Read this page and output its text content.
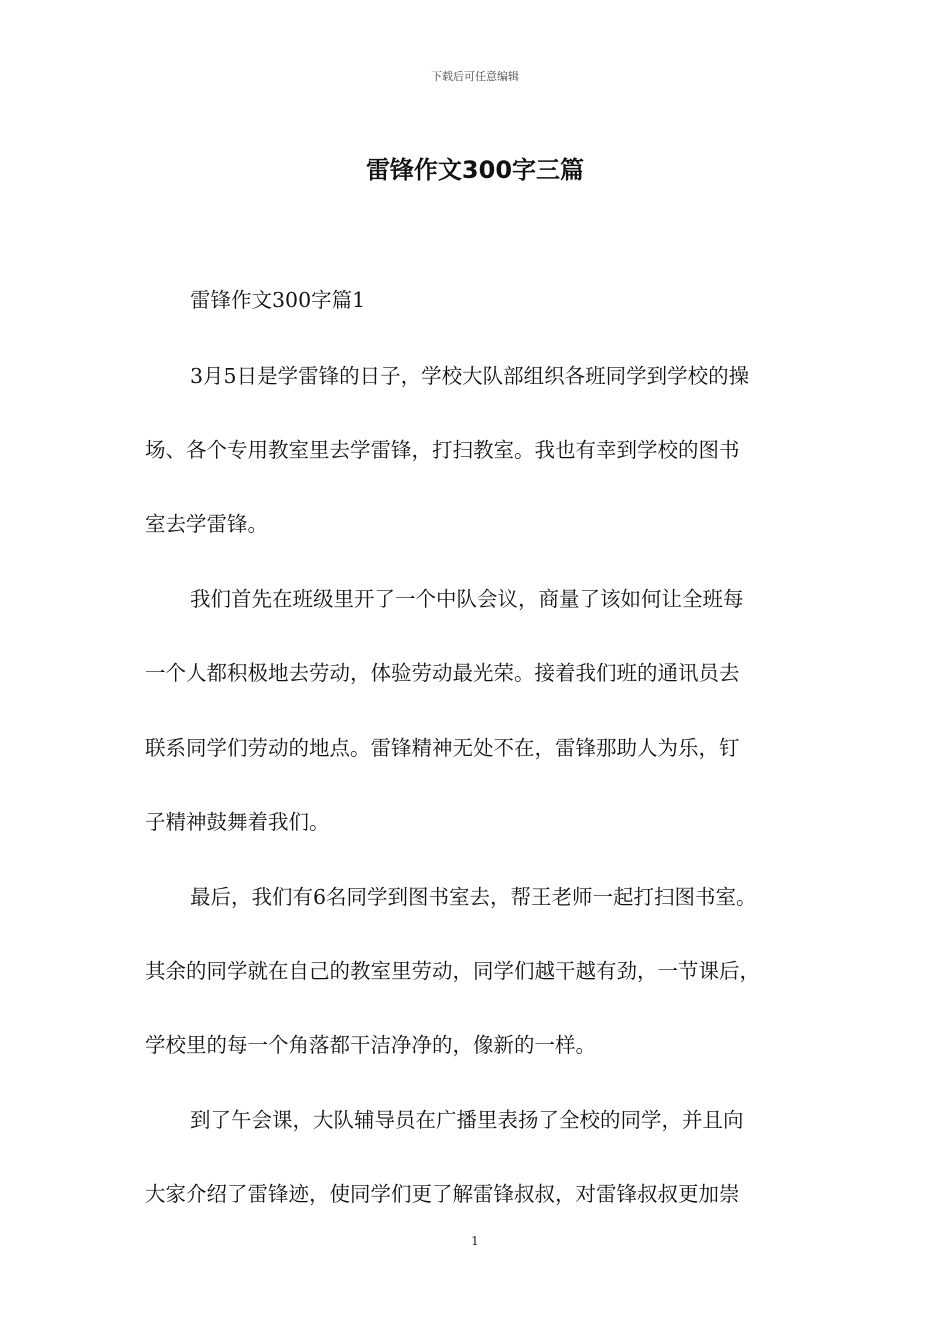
下载后可任意编辑
雷锋作文300字三篇
雷锋作文300字篇1
3月5日是学雷锋的日子，学校大队部组织各班同学到学校的操
场、各个专用教室里去学雷锋，打扫教室。我也有幸到学校的图书
室去学雷锋。
我们首先在班级里开了一个中队会议，商量了该如何让全班每
一个人都积极地去劳动，体验劳动最光荣。接着我们班的通讯员去
联系同学们劳动的地点。雷锋精神无处不在，雷锋那助人为乐，钉
子精神鼓舞着我们。
最后，我们有6名同学到图书室去，帮王老师一起打扫图书室。
其余的同学就在自己的教室里劳动，同学们越干越有劲，一节课后，
学校里的每一个角落都干洁净净的，像新的一样。
到了午会课，大队辅导员在广播里表扬了全校的同学，并且向
大家介绍了雷锋迹，使同学们更了解雷锋叔叔，对雷锋叔叔更加崇
1
